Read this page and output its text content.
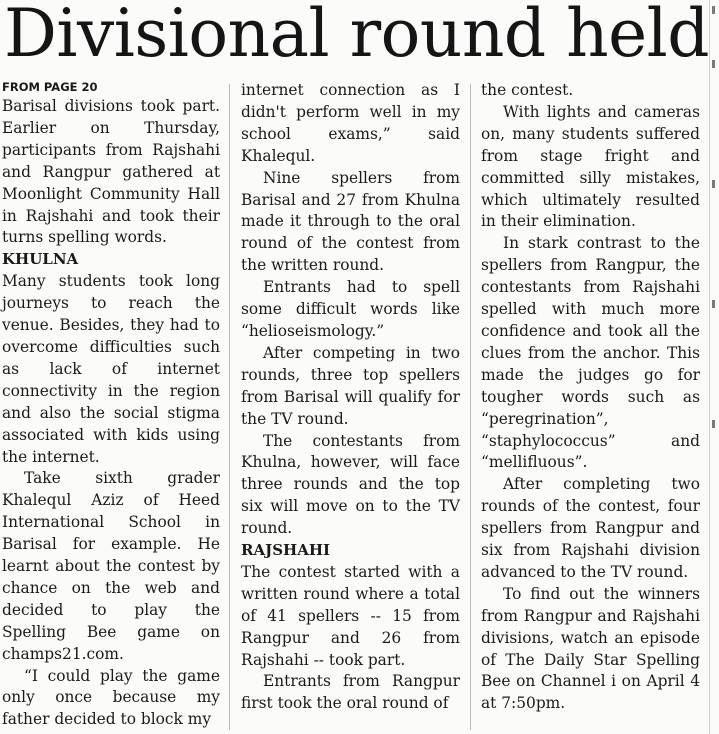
Divisional round held
FROM PAGE 20

Barisal divisions took part. Earlier on Thursday, participants from Rajshahi and Rangpur gathered at Moonlight Community Hall in Rajshahi and took their turns spelling words.

KHULNA

Many students took long journeys to reach the venue. Besides, they had to overcome difficulties such as lack of internet connectivity in the region and also the social stigma associated with kids using the internet.

Take sixth grader Khalequl Aziz of Heed International School in Barisal for example. He learnt about the contest by chance on the web and decided to play the Spelling Bee game on champs21.com.

“I could play the game only once because my father decided to block my

internet connection as I didn't perform well in my school exams,” said Khalequl.

Nine spellers from Barisal and 27 from Khulna made it through to the oral round of the contest from the written round.

Entrants had to spell some difficult words like “helioseismology.”

After competing in two rounds, three top spellers from Barisal will qualify for the TV round.

The contestants from Khulna, however, will face three rounds and the top six will move on to the TV round.

RAJSHAHI

The contest started with a written round where a total of 41 spellers -- 15 from Rangpur and 26 from Rajshahi -- took part.

Entrants from Rangpur first took the oral round of

the contest.

With lights and cameras on, many students suffered from stage fright and committed silly mistakes, which ultimately resulted in their elimination.

In stark contrast to the spellers from Rangpur, the contestants from Rajshahi spelled with much more confidence and took all the clues from the anchor. This made the judges go for tougher words such as “peregrination”, “staphylococcus” and “mellifluous”.

After completing two rounds of the contest, four spellers from Rangpur and six from Rajshahi division advanced to the TV round.

To find out the winners from Rangpur and Rajshahi divisions, watch an episode of The Daily Star Spelling Bee on Channel i on April 4 at 7:50pm.
